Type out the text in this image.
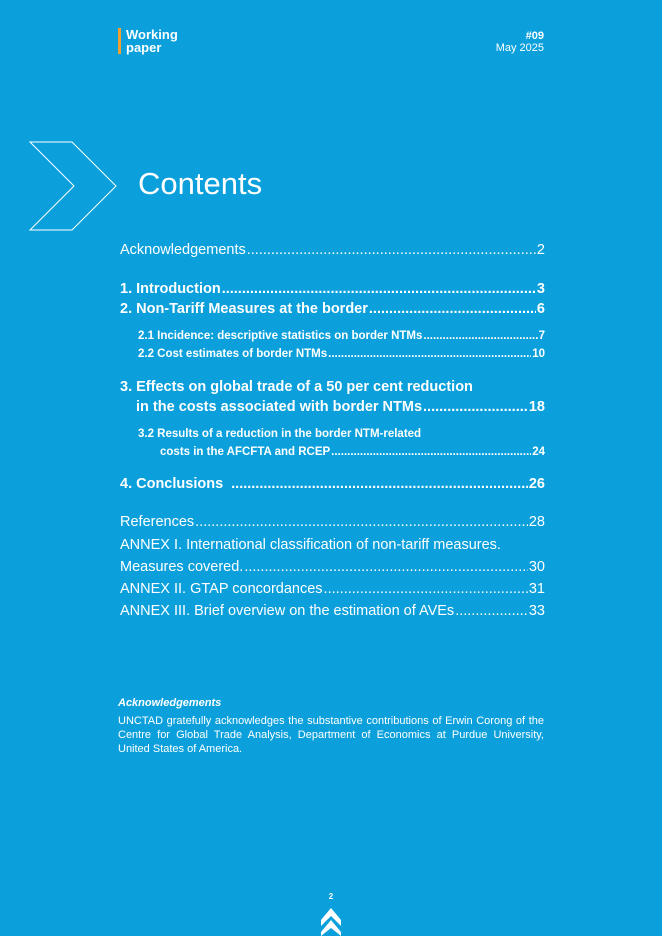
Working
paper
#09
May 2025
Contents
Acknowledgements .....	2
1. Introduction .....	3
2. Non-Tariff Measures at the border .....	6
2.1 Incidence: descriptive statistics on border NTMs .....	7
2.2 Cost estimates of border NTMs .....	10
3. Effects on global trade of a 50 per cent reduction
in the costs associated with border NTMs .....	18
3.2 Results of a reduction in the border NTM-related
costs in the AFCFTA and RCEP .....	24
4. Conclusions .....	26
References .....	28
ANNEX I. International classification of non-tariff measures.
Measures covered. .....	30
ANNEX II. GTAP concordances .....	31
ANNEX III. Brief overview on the estimation of AVEs .....	33
Acknowledgements
UNCTAD gratefully acknowledges the substantive contributions of Erwin Corong of the Centre for Global Trade Analysis, Department of Economics at Purdue University, United States of America.
2
